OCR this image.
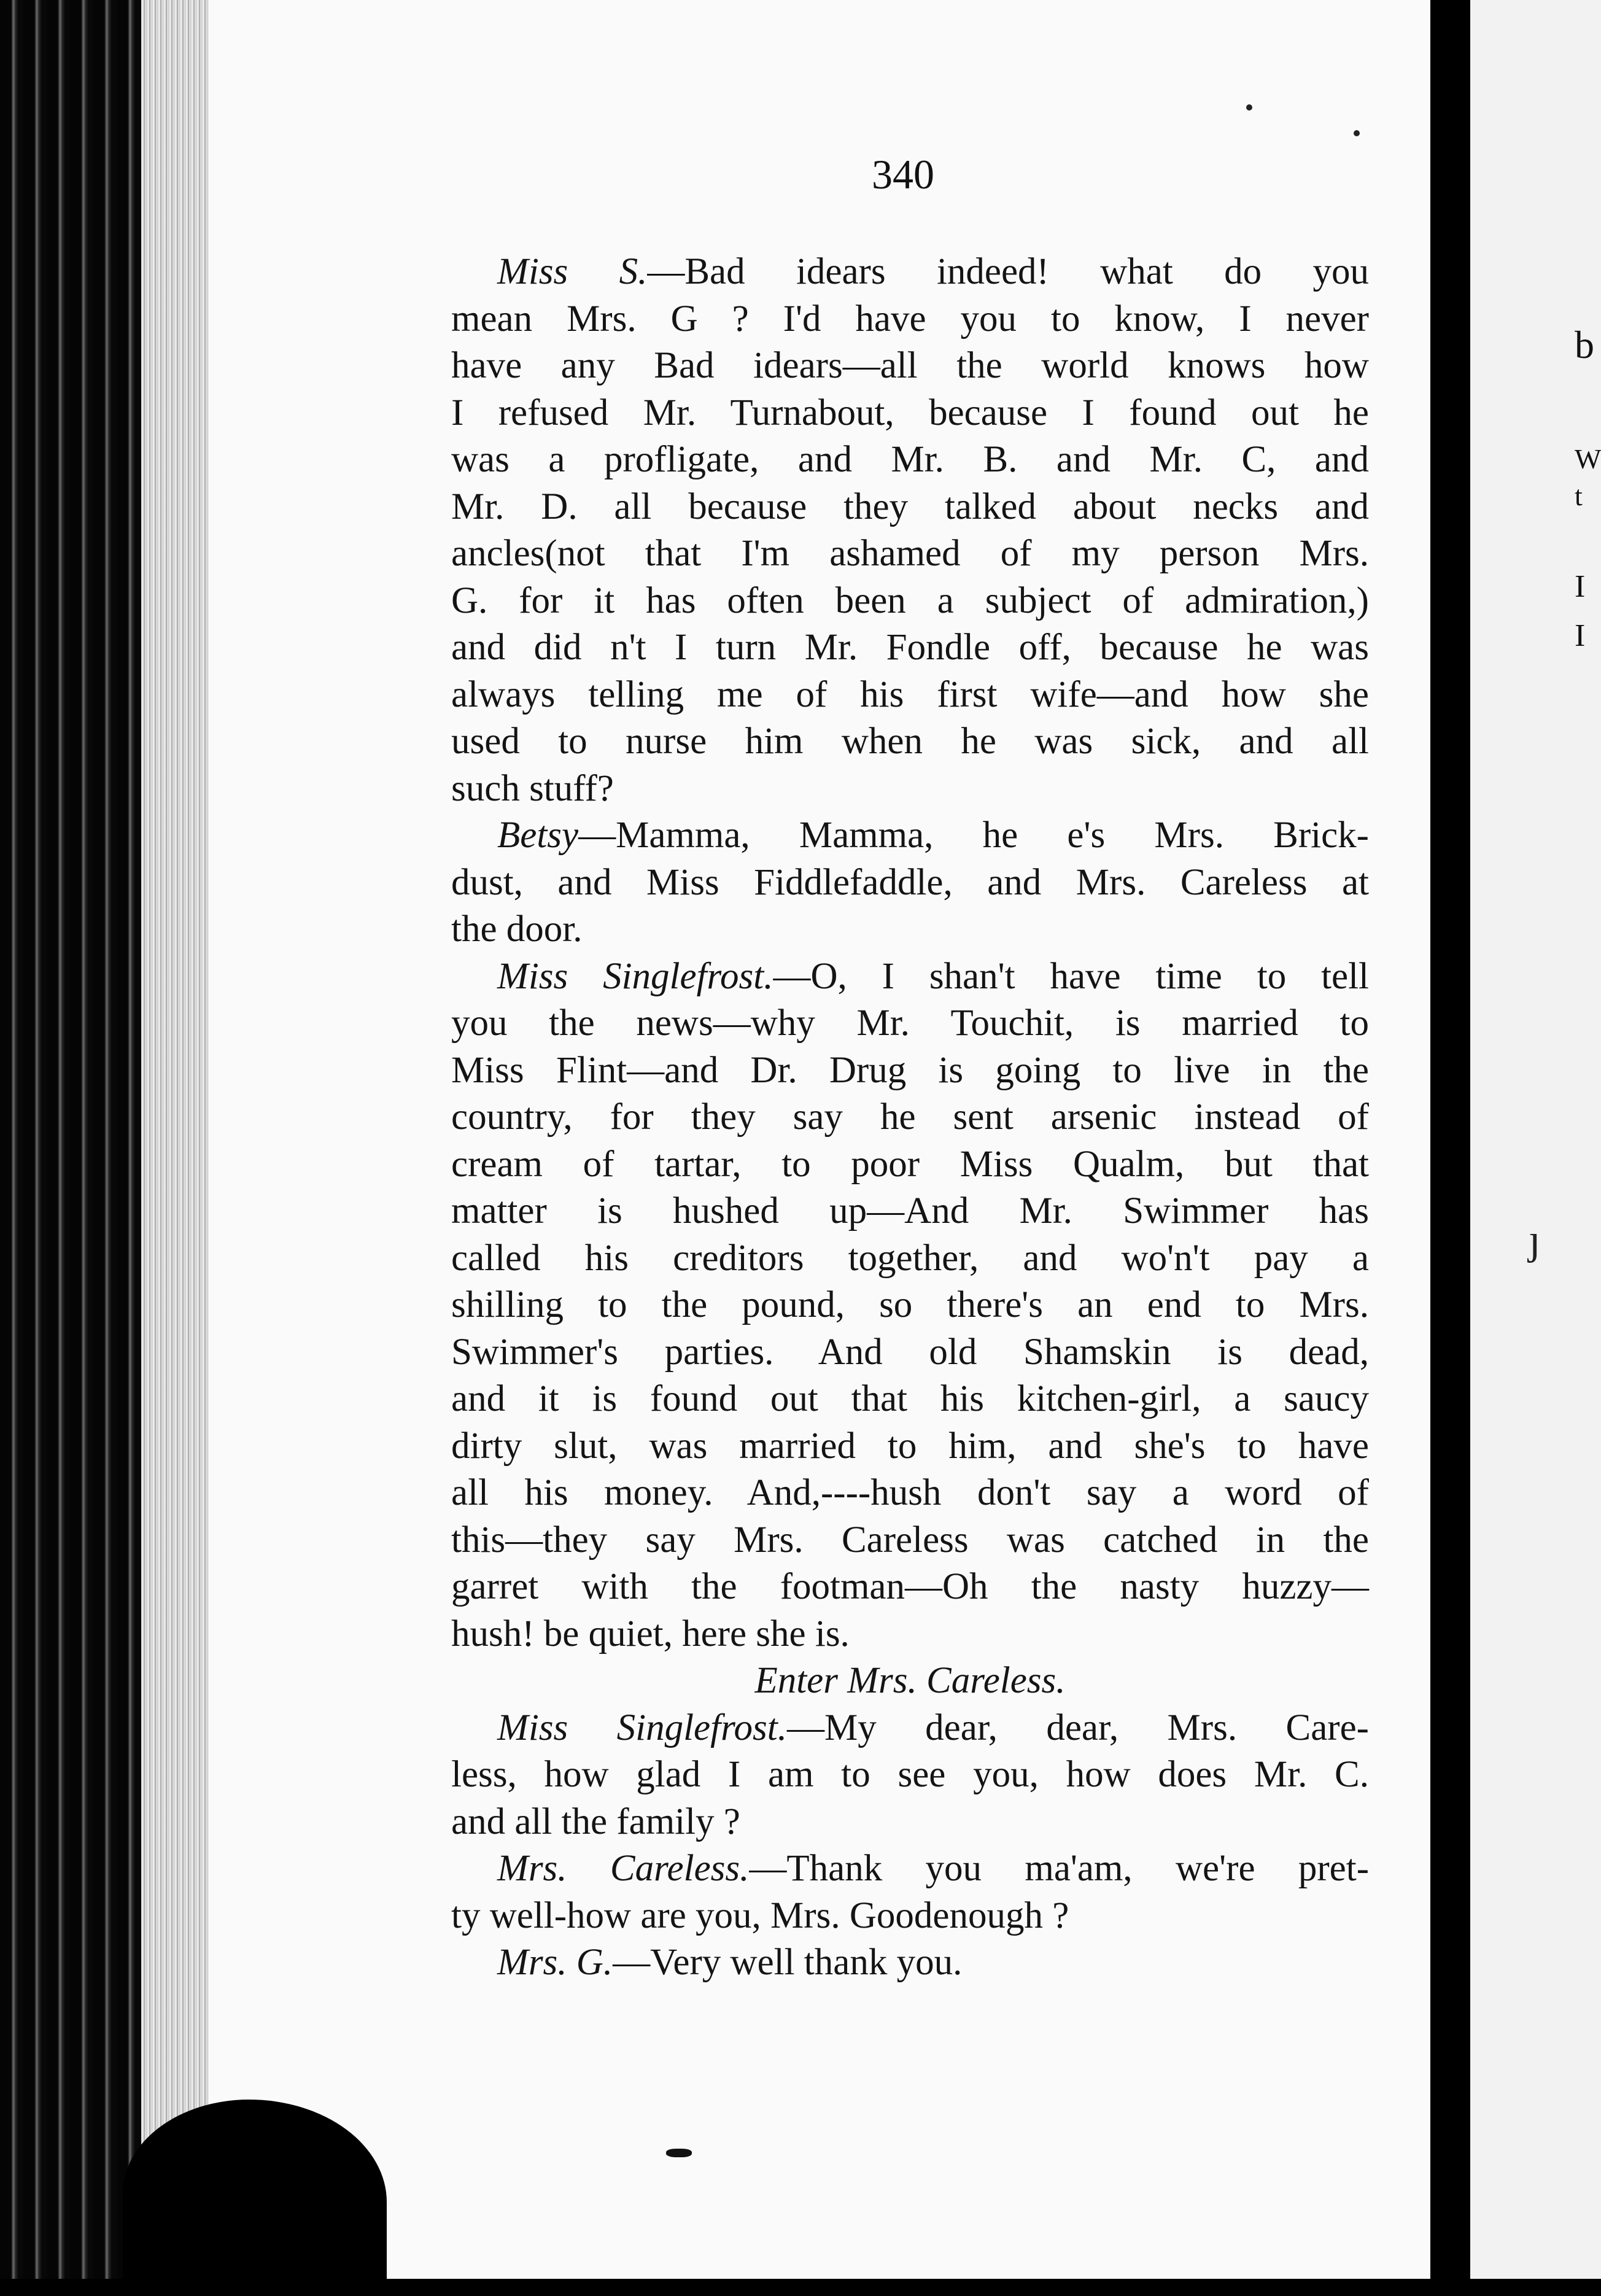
b
W
t
I
I
ȷ
340
Miss S.—Bad idears indeed! what do you
mean Mrs. G ? I'd have you to know, I never
have any Bad idears—all the world knows how
I refused Mr. Turnabout, because I found out he
was a profligate, and Mr. B. and Mr. C, and
Mr. D. all because they talked about necks and
ancles(not that I'm ashamed of my person Mrs.
G. for it has often been a subject of admiration,)
and did n't I turn Mr. Fondle off, because he was
always telling me of his first wife—and how she
used to nurse him when he was sick, and all
such stuff?
Betsy—Mamma, Mamma, he e's Mrs. Brick-
dust, and Miss Fiddlefaddle, and Mrs. Careless at
the door.
Miss Singlefrost.—O, I shan't have time to tell
you the news—why Mr. Touchit, is married to
Miss Flint—and Dr. Drug is going to live in the
country, for they say he sent arsenic instead of
cream of tartar, to poor Miss Qualm, but that
matter is hushed up—And Mr. Swimmer has
called his creditors together, and wo'n't pay a
shilling to the pound, so there's an end to Mrs.
Swimmer's parties. And old Shamskin is dead,
and it is found out that his kitchen-girl, a saucy
dirty slut, was married to him, and she's to have
all his money. And,----hush don't say a word of
this—they say Mrs. Careless was catched in the
garret with the footman—Oh the nasty huzzy—
hush! be quiet, here she is.
Enter Mrs. Careless.
Miss Singlefrost.—My dear, dear, Mrs. Care-
less, how glad I am to see you, how does Mr. C.
and all the family ?
Mrs. Careless.—Thank you ma'am, we're pret-
ty well-how are you, Mrs. Goodenough ?
Mrs. G.—Very well thank you.
